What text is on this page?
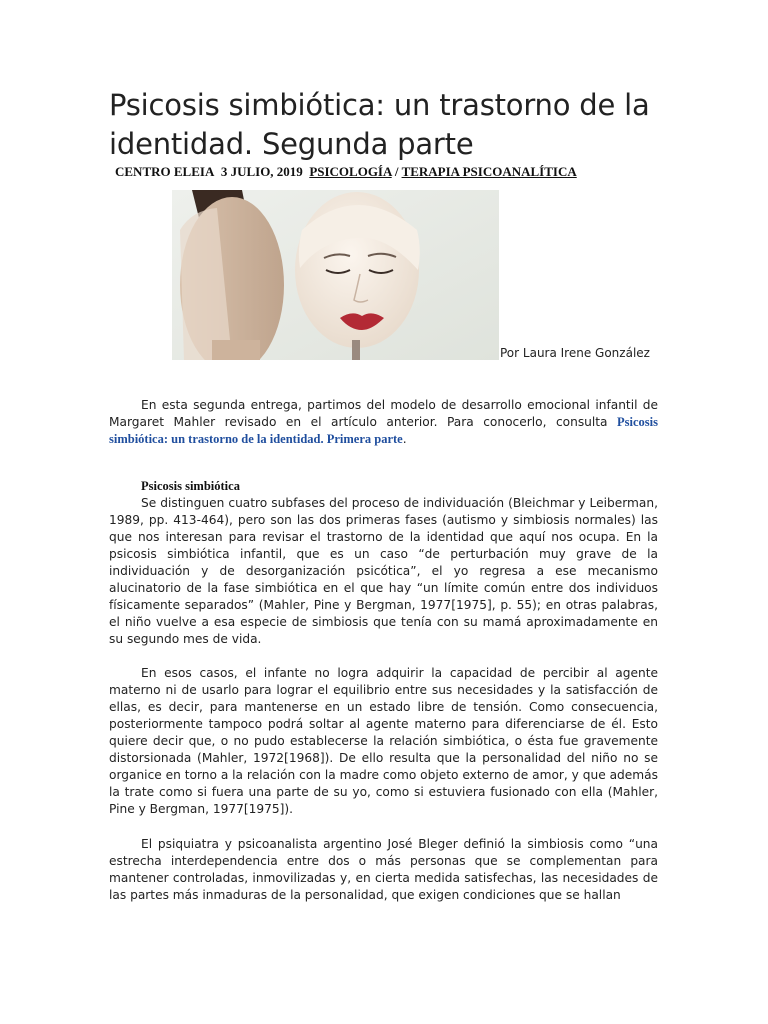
Psicosis simbiótica: un trastorno de la identidad. Segunda parte
CENTRO ELEIA 3 JULIO, 2019 PSICOLOGÍA / TERAPIA PSICOANALÍTICA
Por Laura Irene González

En esta segunda entrega, partimos del modelo de desarrollo emocional infantil de Margaret Mahler revisado en el artículo anterior. Para conocerlo, consulta Psicosis simbiótica: un trastorno de la identidad. Primera parte.

Psicosis simbiótica

Se distinguen cuatro subfases del proceso de individuación (Bleichmar y Leiberman, 1989, pp. 413-464), pero son las dos primeras fases (autismo y simbiosis normales) las que nos interesan para revisar el trastorno de la identidad que aquí nos ocupa. En la psicosis simbiótica infantil, que es un caso “de perturbación muy grave de la individuación y de desorganización psicótica”, el yo regresa a ese mecanismo alucinatorio de la fase simbiótica en el que hay “un límite común entre dos individuos físicamente separados” (Mahler, Pine y Bergman, 1977[1975], p. 55); en otras palabras, el niño vuelve a esa especie de simbiosis que tenía con su mamá aproximadamente en su segundo mes de vida.

En esos casos, el infante no logra adquirir la capacidad de percibir al agente materno ni de usarlo para lograr el equilibrio entre sus necesidades y la satisfacción de ellas, es decir, para mantenerse en un estado libre de tensión. Como consecuencia, posteriormente tampoco podrá soltar al agente materno para diferenciarse de él. Esto quiere decir que, o no pudo establecerse la relación simbiótica, o ésta fue gravemente distorsionada (Mahler, 1972[1968]). De ello resulta que la personalidad del niño no se organice en torno a la relación con la madre como objeto externo de amor, y que además la trate como si fuera una parte de su yo, como si estuviera fusionado con ella (Mahler, Pine y Bergman, 1977[1975]).

El psiquiatra y psicoanalista argentino José Bleger definió la simbiosis como “una estrecha interdependencia entre dos o más personas que se complementan para mantener controladas, inmovilizadas y, en cierta medida satisfechas, las necesidades de las partes más inmaduras de la personalidad, que exigen condiciones que se hallan
